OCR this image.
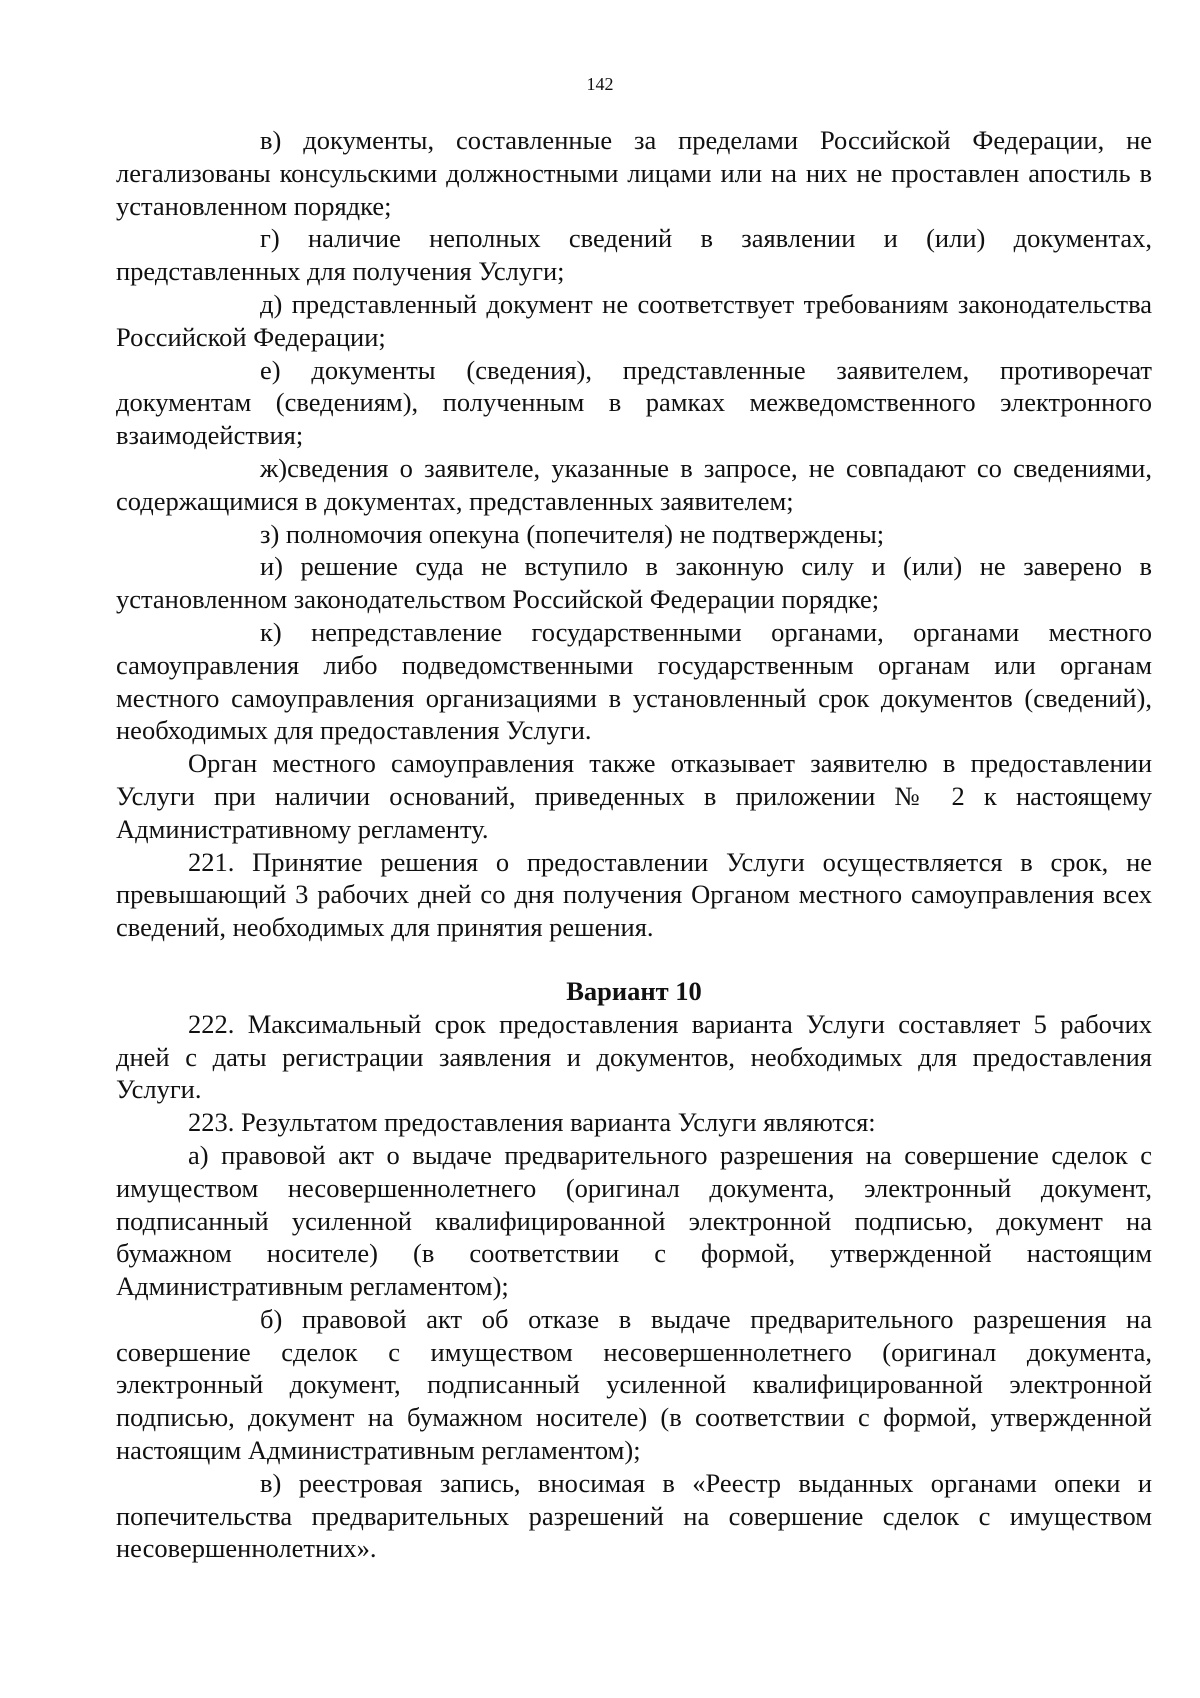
142

в) документы, составленные за пределами Российской Федерации, не легализованы консульскими должностными лицами или на них не проставлен апостиль в установленном порядке;

г) наличие неполных сведений в заявлении и (или) документах, представленных для получения Услуги;

д) представленный документ не соответствует требованиям законодательства Российской Федерации;

е) документы (сведения), представленные заявителем, противоречат документам (сведениям), полученным в рамках межведомственного электронного взаимодействия;

ж)сведения о заявителе, указанные в запросе, не совпадают со сведениями, содержащимися в документах, представленных заявителем;

з) полномочия опекуна (попечителя) не подтверждены;

и) решение суда не вступило в законную силу и (или) не заверено в установленном законодательством Российской Федерации порядке;

к) непредставление государственными органами, органами местного самоуправления либо подведомственными государственным органам или органам местного самоуправления организациями в установленный срок документов (сведений), необходимых для предоставления Услуги.

Орган местного самоуправления также отказывает заявителю в предоставлении Услуги при наличии оснований, приведенных в приложении № 2 к настоящему Административному регламенту.

221. Принятие решения о предоставлении Услуги осуществляется в срок, не превышающий 3 рабочих дней со дня получения Органом местного самоуправления всех сведений, необходимых для принятия решения.

Вариант 10

222. Максимальный срок предоставления варианта Услуги составляет 5 рабочих дней с даты регистрации заявления и документов, необходимых для предоставления Услуги.

223. Результатом предоставления варианта Услуги являются:

а) правовой акт о выдаче предварительного разрешения на совершение сделок с имуществом несовершеннолетнего (оригинал документа, электронный документ, подписанный усиленной квалифицированной электронной подписью, документ на бумажном носителе) (в соответствии с формой, утвержденной настоящим Административным регламентом);

б) правовой акт об отказе в выдаче предварительного разрешения на совершение сделок с имуществом несовершеннолетнего (оригинал документа, электронный документ, подписанный усиленной квалифицированной электронной подписью, документ на бумажном носителе) (в соответствии с формой, утвержденной настоящим Административным регламентом);

в) реестровая запись, вносимая в «Реестр выданных органами опеки и попечительства предварительных разрешений на совершение сделок с имуществом несовершеннолетних».
